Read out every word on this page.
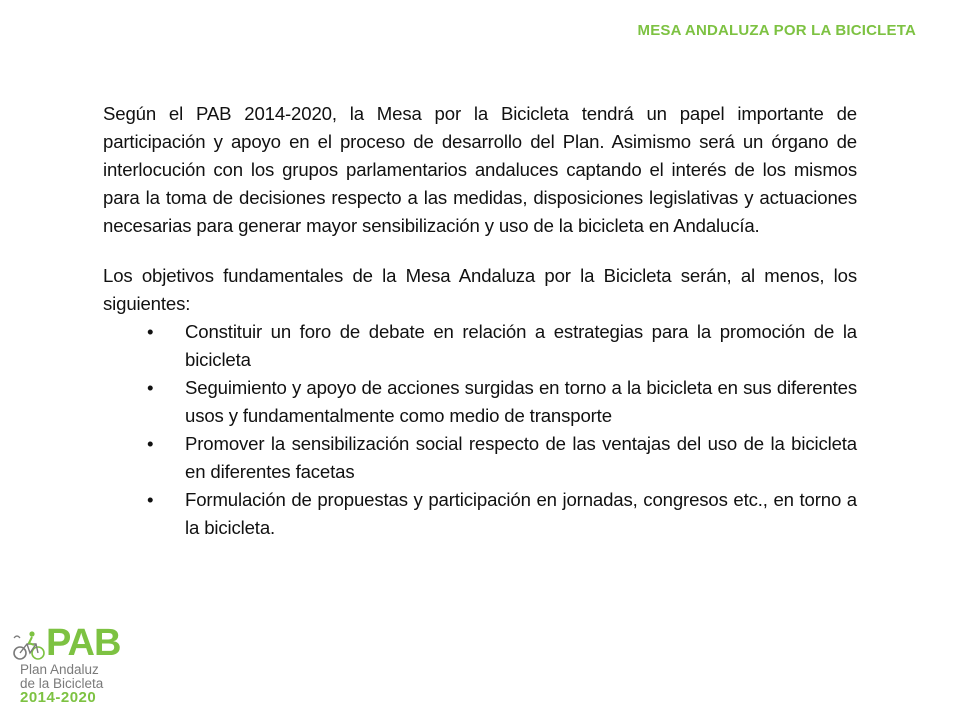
MESA ANDALUZA POR LA BICICLETA

Según el PAB 2014-2020, la Mesa por la Bicicleta tendrá un papel importante de participación y apoyo en el proceso de desarrollo del Plan. Asimismo será un órgano de interlocución con los grupos parlamentarios andaluces captando el interés de los mismos para la toma de decisiones respecto a las medidas, disposiciones legislativas y actuaciones necesarias para generar mayor sensibilización y uso de la bicicleta en Andalucía.

Los objetivos fundamentales de la Mesa Andaluza por la Bicicleta serán, al menos, los siguientes:

• Constituir un foro de debate en relación a estrategias para la promoción de la bicicleta
• Seguimiento y apoyo de acciones surgidas en torno a la bicicleta en sus diferentes usos y fundamentalmente como medio de transporte
• Promover la sensibilización social respecto de las ventajas del uso de la bicicleta en diferentes facetas
• Formulación de propuestas y participación en jornadas, congresos etc., en torno a la bicicleta.
PAB
Plan Andaluz
de la Bicicleta
2014-2020
